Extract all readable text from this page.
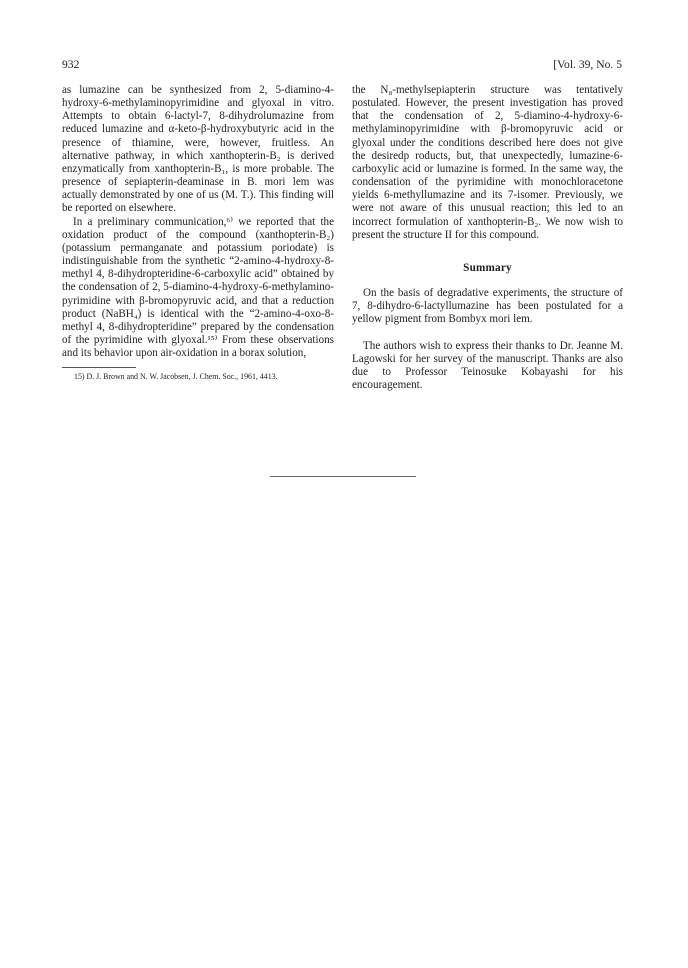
932	[Vol. 39, No. 5

as lumazine can be synthesized from 2, 5-diamino-4-hydroxy-6-methylaminopyrimidine and glyoxal in vitro. Attempts to obtain 6-lactyl-7, 8-dihydrolumazine from reduced lumazine and α-keto-β-hydroxybutyric acid in the presence of thiamine, were, however, fruitless. An alternative pathway, in which xanthopterin-B₂ is derived enzymatically from xanthopterin-B₁, is more probable. The presence of sepiapterin-deaminase in B. mori lem was actually demonstrated by one of us (M. T.). This finding will be reported on elsewhere.

In a preliminary communication,⁶⁾ we reported that the oxidation product of the compound (xanthopterin-B₂) (potassium permanganate and potassium poriodate) is indistinguishable from the synthetic “2-amino-4-hydroxy-8-methyl 4, 8-dihydropteridine-6-carboxylic acid” obtained by the condensation of 2, 5-diamino-4-hydroxy-6-methylamino-pyrimidine with β-bromopyruvic acid, and that a reduction product (NaBH₄) is identical with the “2-amino-4-oxo-8-methyl 4, 8-dihydropteridine” prepared by the condensation of the pyrimidine with glyoxal.¹⁵⁾ From these observations and its behavior upon air-oxidation in a borax solution,

15) D. J. Brown and N. W. Jacobsen, J. Chem. Soc., 1961, 4413.

the N₈-methylsepiapterin structure was tentatively postulated. However, the present investigation has proved that the condensation of 2, 5-diamino-4-hydroxy-6-methylaminopyrimidine with β-bromopyruvic acid or glyoxal under the conditions described here does not give the desiredp roducts, but, that unexpectedly, lumazine-6-carboxylic acid or lumazine is formed. In the same way, the condensation of the pyrimidine with monochloracetone yields 6-methyllumazine and its 7-isomer. Previously, we were not aware of this unusual reaction; this led to an incorrect formulation of xanthopterin-B₂. We now wish to present the structure II for this compound.

Summary

On the basis of degradative experiments, the structure of 7, 8-dihydro-6-lactyllumazine has been postulated for a yellow pigment from Bombyx mori lem.

The authors wish to express their thanks to Dr. Jeanne M. Lagowski for her survey of the manuscript. Thanks are also due to Professor Teinosuke Kobayashi for his encouragement.
